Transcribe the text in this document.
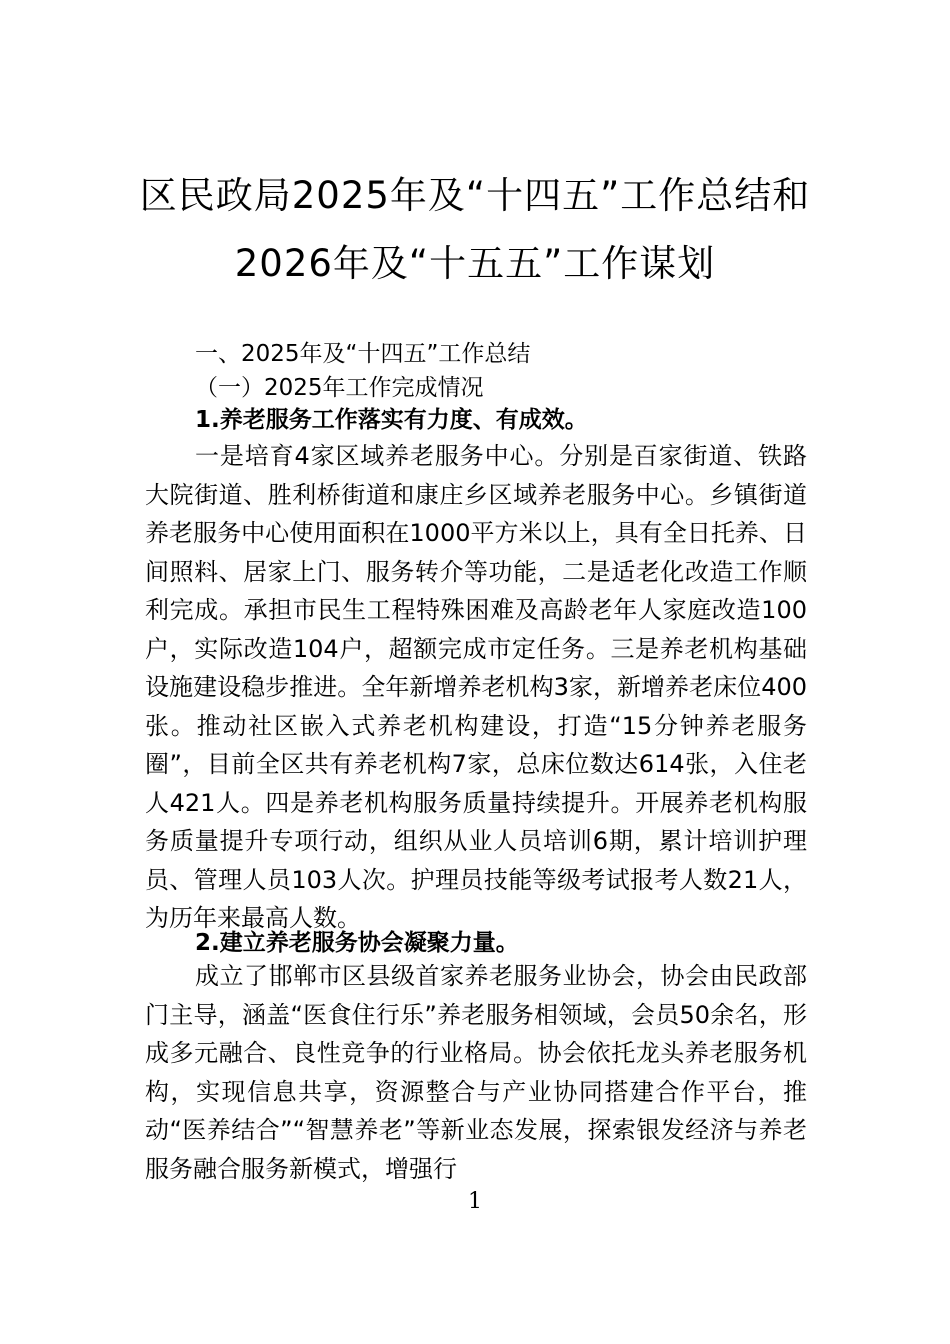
区民政局2025年及“十四五”工作总结和
2026年及“十五五”工作谋划
一、2025年及“十四五”工作总结
（一）2025年工作完成情况
1.养老服务工作落实有力度、有成效。

一是培育4家区域养老服务中心。分别是百家街道、铁路大院街道、胜利桥街道和康庄乡区域养老服务中心。乡镇街道养老服务中心使用面积在1000平方米以上，具有全日托养、日间照料、居家上门、服务转介等功能，二是适老化改造工作顺利完成。承担市民生工程特殊困难及高龄老年人家庭改造100户，实际改造104户，超额完成市定任务。三是养老机构基础设施建设稳步推进。全年新增养老机构3家，新增养老床位400张。推动社区嵌入式养老机构建设，打造“15分钟养老服务圈”，目前全区共有养老机构7家，总床位数达614张，入住老人421人。四是养老机构服务质量持续提升。开展养老机构服务质量提升专项行动，组织从业人员培训6期，累计培训护理员、管理人员103人次。护理员技能等级考试报考人数21人，为历年来最高人数。

2.建立养老服务协会凝聚力量。

成立了邯郸市区县级首家养老服务业协会，协会由民政部门主导，涵盖“医食住行乐”养老服务相领域，会员50余名，形成多元融合、良性竞争的行业格局。协会依托龙头养老服务机构，实现信息共享，资源整合与产业协同搭建合作平台，推动“医养结合”“智慧养老”等新业态发展，探索银发经济与养老服务融合服务新模式，增强行

1
